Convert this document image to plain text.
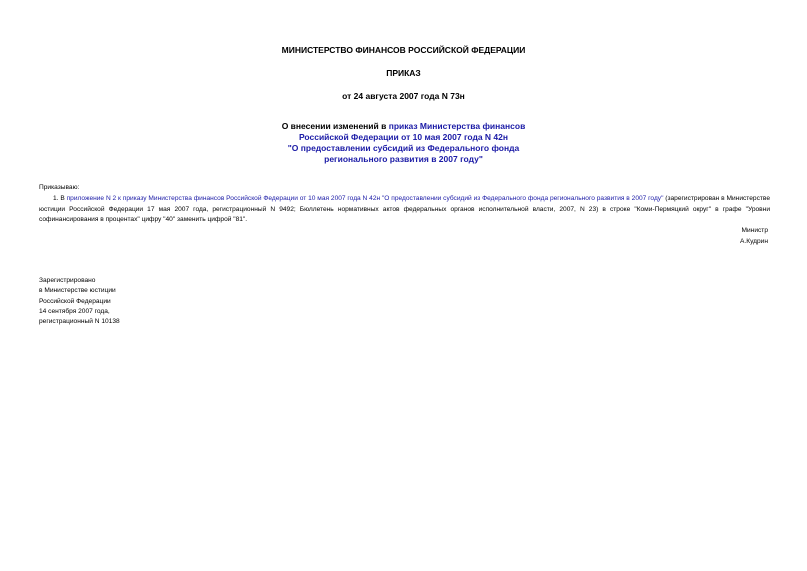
МИНИСТЕРСТВО ФИНАНСОВ РОССИЙСКОЙ ФЕДЕРАЦИИ
ПРИКАЗ
от 24 августа 2007 года N 73н
О внесении изменений в приказ Министерства финансов
Российской Федерации от 10 мая 2007 года N 42н
"О предоставлении субсидий из Федерального фонда
регионального развития в 2007 году"
Приказываю:
1. В приложение N 2 к приказу Министерства финансов Российской Федерации от 10 мая 2007 года N 42н "О предоставлении субсидий из Федерального фонда регионального развития в 2007 году" (зарегистрирован в Министерстве юстиции Российской Федерации 17 мая 2007 года, регистрационный N 9492; Бюллетень нормативных актов федеральных органов исполнительной власти, 2007, N 23) в строке "Коми-Пермяцкий округ" в графе "Уровни софинансирования в процентах" цифру "40" заменить цифрой "81".
Министр
А.Кудрин
Зарегистрировано
в Министерстве юстиции
Российской Федерации
14 сентября 2007 года,
регистрационный N 10138
